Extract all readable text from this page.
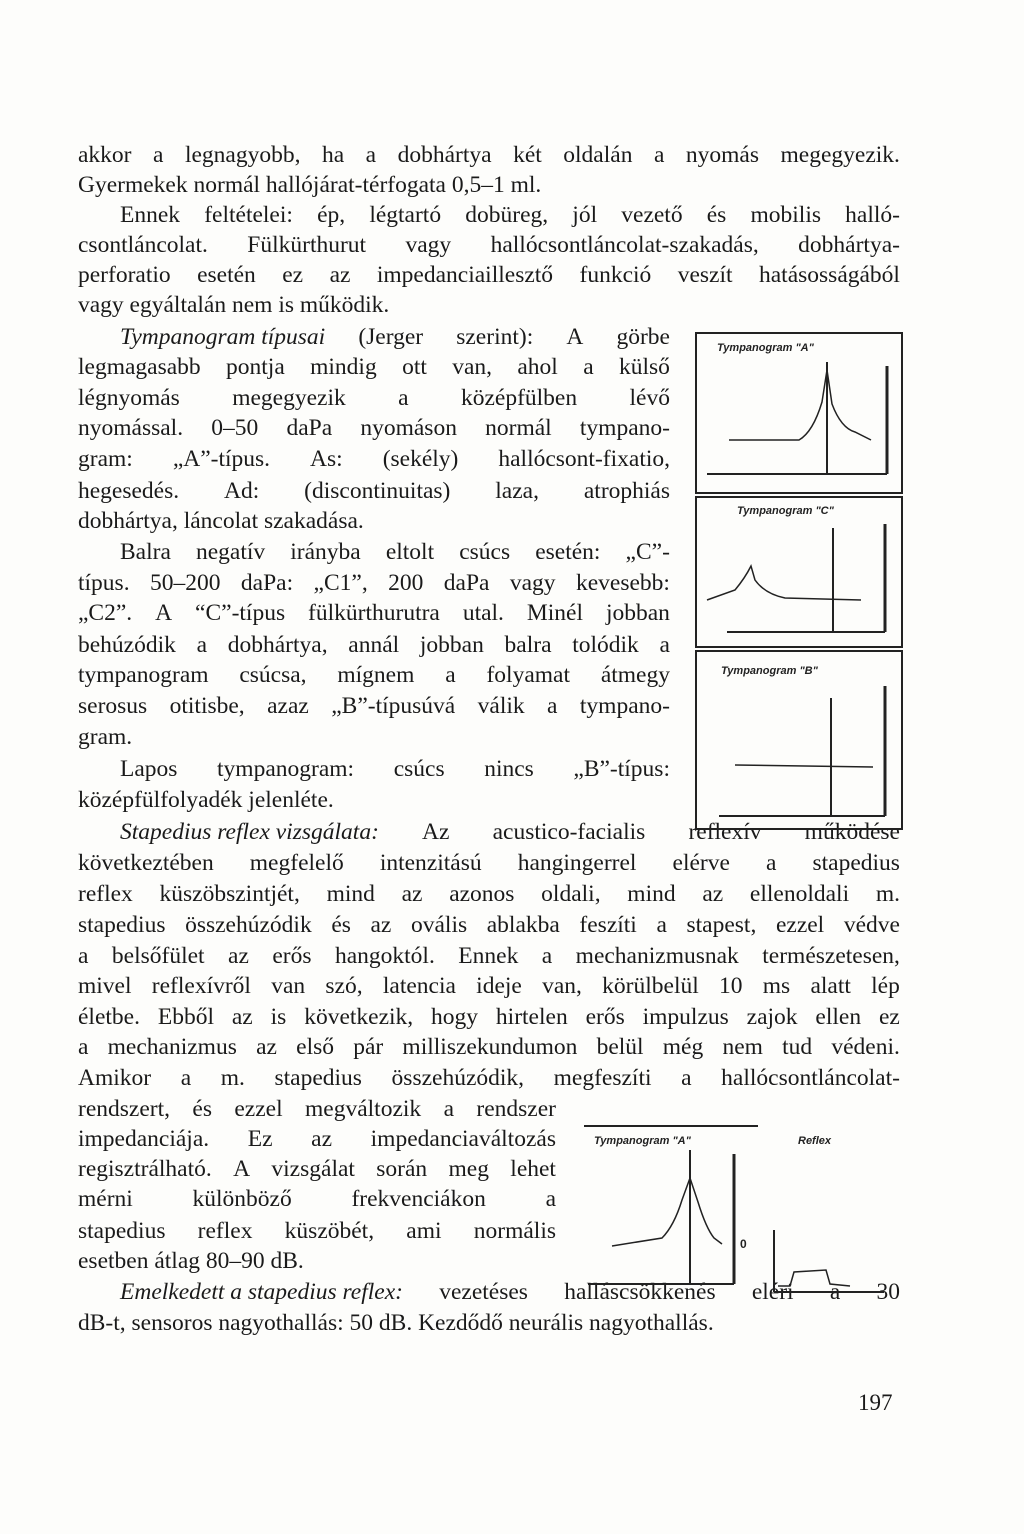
akkor a legnagyobb, ha a dobhártya két oldalán a nyomás megegyezik.
Gyermekek normál hallójárat-térfogata 0,5–1 ml.
Ennek feltételei: ép, légtartó dobüreg, jól vezető és mobilis halló-
csontláncolat. Fülkürthurut vagy hallócsontláncolat-szakadás, dobhártya-
perforatio esetén ez az impedanciaillesztő funkció veszít hatásosságából
vagy egyáltalán nem is működik.
Tympanogram típusai (Jerger szerint): A görbe
legmagasabb pontja mindig ott van, ahol a külső
légnyomás megegyezik a középfülben lévő
nyomással. 0–50 daPa nyomáson normál tympano-
gram: „A”-típus. As: (sekély) hallócsont-fixatio,
hegesedés. Ad: (discontinuitas) laza, atrophiás
dobhártya, láncolat szakadása.
Balra negatív irányba eltolt csúcs esetén: „C”-
típus. 50–200 daPa: „C1”, 200 daPa vagy kevesebb:
„C2”. A “C”-típus fülkürthurutra utal. Minél jobban
behúzódik a dobhártya, annál jobban balra tolódik a
tympanogram csúcsa, mígnem a folyamat átmegy
serosus otitisbe, azaz „B”-típusúvá válik a tympano-
gram.
Lapos tympanogram: csúcs nincs „B”-típus:
középfülfolyadék jelenléte.
Stapedius reflex vizsgálata: Az acustico-facialis reflexív működése
következtében megfelelő intenzitású hangingerrel elérve a stapedius
reflex küszöbszintjét, mind az azonos oldali, mind az ellenoldali m.
stapedius összehúzódik és az ovális ablakba feszíti a stapest, ezzel védve
a belsőfület az erős hangoktól. Ennek a mechanizmusnak természetesen,
mivel reflexívről van szó, latencia ideje van, körülbelül 10 ms alatt lép
életbe. Ebből az is következik, hogy hirtelen erős impulzus zajok ellen ez
a mechanizmus az első pár milliszekundumon belül még nem tud védeni.
Amikor a m. stapedius összehúzódik, megfeszíti a hallócsontláncolat-
rendszert, és ezzel megváltozik a rendszer
impedanciája. Ez az impedanciaváltozás
regisztrálható. A vizsgálat során meg lehet
mérni	különböző	frekvenciákon	a
stapedius reflex küszöbét, ami normális
esetben átlag 80–90 dB.
Emelkedett a stapedius reflex: vezetéses halláscsökkenés eléri a 30
dB-t, sensoros nagyothallás: 50 dB. Kezdődő neurális nagyothallás.
Tympanogram "A"
Tympanogram "C"
Tympanogram "B"
Tympanogram "A"	Reflex
0
197
